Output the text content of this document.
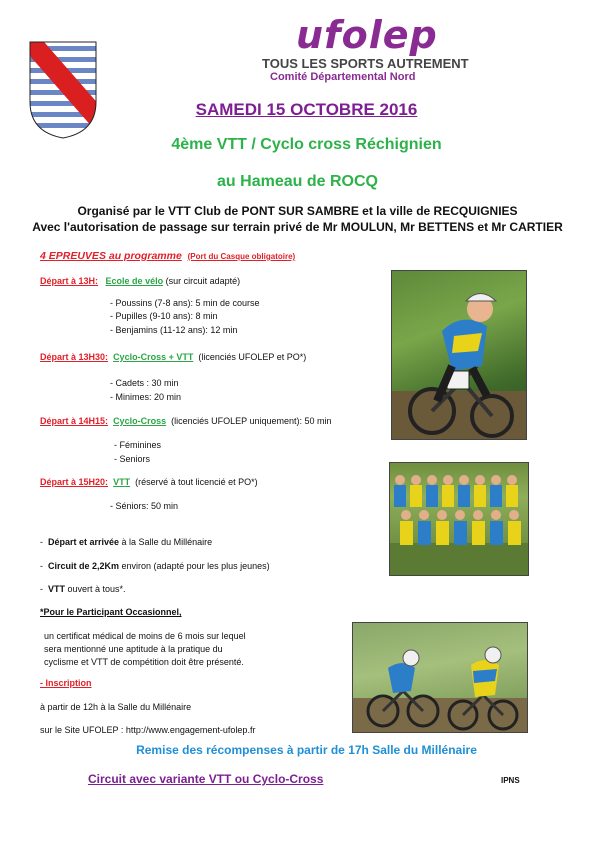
ufolep
TOUS LES SPORTS AUTREMENT
Comité Départemental Nord
SAMEDI 15 OCTOBRE 2016
4ème VTT / Cyclo cross Réchignien
au Hameau de ROCQ
Organisé par le VTT Club de PONT SUR SAMBRE et la ville de RECQUIGNIES
Avec l'autorisation de passage sur terrain privé de Mr MOULUN, Mr BETTENS et Mr CARTIER
4 EPREUVES au programme (Port du Casque obligatoire)
Départ à 13H: Ecole de vélo (sur circuit adapté)
- Poussins (7-8 ans): 5 min de course
- Pupilles (9-10 ans): 8 min
- Benjamins (11-12 ans): 12 min
Départ à 13H30: Cyclo-Cross + VTT (licenciés UFOLEP et PO*)
- Cadets : 30 min
- Minimes: 20 min
Départ à 14H15: Cyclo-Cross (licenciés UFOLEP uniquement): 50 min
- Féminines
- Seniors
Départ à 15H20: VTT (réservé à tout licencié et PO*)
- Séniors: 50 min
-  Départ et arrivée à la Salle du Millénaire
-  Circuit de 2,2Km environ (adapté pour les plus jeunes)
-  VTT ouvert à tous*.
*Pour le Participant Occasionnel,
un certificat médical de moins de 6 mois sur lequel
sera mentionné une aptitude à la pratique du
cyclisme et VTT de compétition doit être présenté.
- Inscription
à partir de 12h à la Salle du Millénaire
sur le Site UFOLEP : http://www.engagement-ufolep.fr
Remise des récompenses à partir de 17h Salle du Millénaire
Circuit avec variante VTT ou Cyclo-Cross	IPNS
